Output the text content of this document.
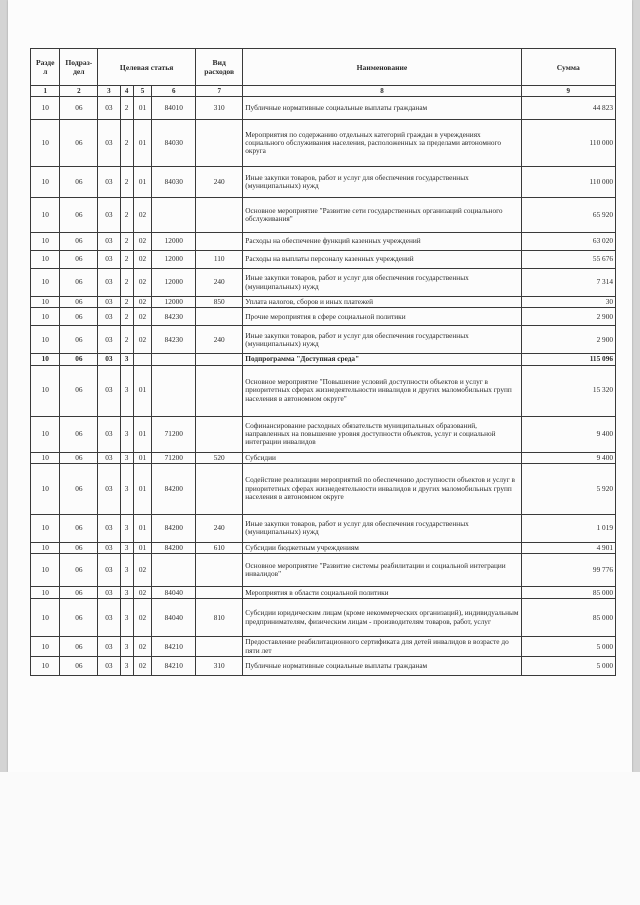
Разде л	Подраз- дел	Целевая статья				Вид расходов	Наименование	Сумма
1	2	3	4	5	6	7	8	9
10	06	03	2	01	84010	310	Публичные нормативные социальные выплаты гражданам	44 823
10	06	03	2	01	84030		Мероприятия по содержанию отдельных категорий граждан в учреждениях социального обслуживания населения, расположенных за пределами автономного округа	110 000
10	06	03	2	01	84030	240	Иные закупки товаров, работ и услуг для обеспечения государственных (муниципальных) нужд	110 000
10	06	03	2	02			Основное мероприятие "Развитие сети государственных организаций социального обслуживания"	65 920
10	06	03	2	02	12000		Расходы на обеспечение функций казенных учреждений	63 020
10	06	03	2	02	12000	110	Расходы на выплаты персоналу казенных учреждений	55 676
10	06	03	2	02	12000	240	Иные закупки товаров, работ и услуг для обеспечения государственных (муниципальных) нужд	7 314
10	06	03	2	02	12000	850	Уплата налогов, сборов и иных платежей	30
10	06	03	2	02	84230		Прочие мероприятия в сфере социальной политики	2 900
10	06	03	2	02	84230	240	Иные закупки товаров, работ и услуг для обеспечения государственных (муниципальных) нужд	2 900
10	06	03	3				Подпрограмма "Доступная среда"	115 096
10	06	03	3	01			Основное мероприятие "Повышение условий доступности объектов и услуг в приоритетных сферах жизнедеятельности инвалидов и других маломобильных групп населения в автономном округе"	15 320
10	06	03	3	01	71200		Софинансирование расходных обязательств муниципальных образований, направленных на повышение уровня доступности объектов, услуг и социальной интеграции инвалидов	9 400
10	06	03	3	01	71200	520	Субсидии	9 400
10	06	03	3	01	84200		Содействие реализации мероприятий по обеспечению доступности объектов и услуг в приоритетных сферах жизнедеятельности инвалидов и других маломобильных групп населения в автономном округе	5 920
10	06	03	3	01	84200	240	Иные закупки товаров, работ и услуг для обеспечения государственных (муниципальных) нужд	1 019
10	06	03	3	01	84200	610	Субсидии бюджетным учреждениям	4 901
10	06	03	3	02			Основное мероприятие "Развитие системы реабилитации и социальной интеграции инвалидов"	99 776
10	06	03	3	02	84040		Мероприятия в области социальной политики	85 000
10	06	03	3	02	84040	810	Субсидии юридическим лицам (кроме некоммерческих организаций), индивидуальным предпринимателям, физическим лицам - производителям товаров, работ, услуг	85 000
10	06	03	3	02	84210		Предоставление реабилитационного сертификата для детей инвалидов в возрасте до пяти лет	5 000
10	06	03	3	02	84210	310	Публичные нормативные социальные выплаты гражданам	5 000
